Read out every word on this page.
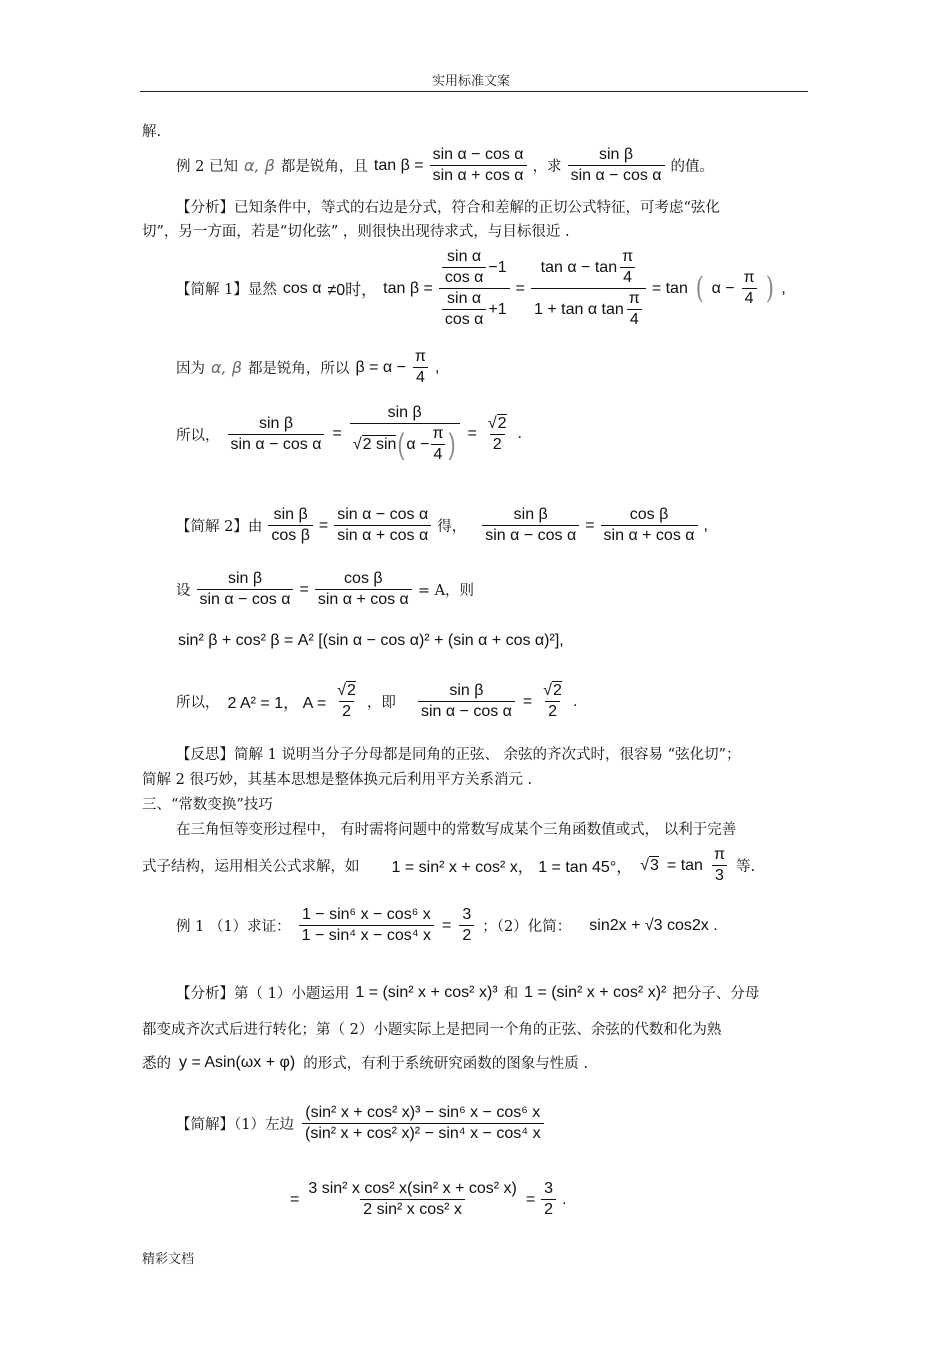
实用标准文案
解.
例 2 已知 α, β 都是锐角，且 $\tan \beta = \frac{\text{sin α − cos α}}{\text{sin α + cos α}}$ ，求 $\frac{\text{sin β}}{\text{sin α − cos α}}$ 的值。
【分析】已知条件中，等式的右边是分式，符合和差解的正切公式特征，可考虑“弦化
切”，另一方面，若是“切化弦” ，则很快出现待求式，与目标很近 .
【简解 1】显然 cos α ≠0时， $\tan \beta = \frac{\frac{\text{sin α}}{\text{cos α}} -1}{\frac{\text{sin α}}{\text{cos α}} +1} = \frac{\tan \alpha - \tan \frac{\pi}{4}}{1 + \tan \alpha \tan \frac{\pi}{4}} = \tan$ ( $\alpha - \frac{\pi}{4}$ ) ,
因为 α, β 都是锐角，所以 $\beta = \alpha - \frac{\pi}{4}$ ,
所以， $\frac{\text{sin β}}{\text{sin α − cos α}} = \frac{\text{sin β}}{√ 2 \sin ( \alpha - \frac{\pi}{4} )} = \frac{√2}{2}$ .
【简解 2】由 $\frac{\text{sin β}}{\text{cos β}} = \frac{\text{sin α − cos α}}{\text{sin α + cos α}}$ 得， $\frac{\text{sin β}}{\text{sin α − cos α}} = \frac{\text{cos β}}{\text{sin α + cos α}}$ ,
设 $\frac{\text{sin β}}{\text{sin α − cos α}} = \frac{\text{cos β}}{\text{sin α + cos α}} = A$，则
sin² β + cos² β = A² [(sin α − cos α)² + (sin α + cos α)²],
所以， 2 A² = 1， $A = \frac{√2}{2}$ ，即 $\frac{\text{sin β}}{\text{sin α − cos α}} = \frac{√2}{2}$ .
【反思】简解 1 说明当分子分母都是同角的正弦、 余弦的齐次式时，很容易 “弦化切”；
简解 2 很巧妙，其基本思想是整体换元后利用平方关系消元 .
三、“常数变换”技巧
在三角恒等变形过程中， 有时需将问题中的常数写成某个三角函数值或式， 以利于完善
式子结构，运用相关公式求解，如 1 = sin² x + cos² x， 1 = tan 45°， $√3 = \tan \frac{\pi}{3}$ 等.
例 1 （1）求证： $\frac{\text{1 − sin⁶ x − cos⁶ x}}{\text{1 − sin⁴ x − cos⁴ x}} = \frac{3}{2}$ ；（2）化简： sin2x + √3 cos2x .
【分析】第（ 1）小题运用 1 = (sin² x + cos² x)³ 和 1 = (sin² x + cos² x)² 把分子、分母
都变成齐次式后进行转化；第（ 2）小题实际上是把同一个角的正弦、余弦的代数和化为熟
悉的 y = Asin(ωx + φ) 的形式，有利于系统研究函数的图象与性质 .
【简解】（1）左边 $\frac{\text{(sin² x + cos² x)³ − sin⁶ x − cos⁶ x}}{\text{(sin² x + cos² x)² − sin⁴ x − cos⁴ x}}$
= $\frac{\text{3 sin² x cos² x(sin² x + cos² x)}}{\text{2 sin² x cos² x}} = \frac{3}{2}$ .
精彩文档
